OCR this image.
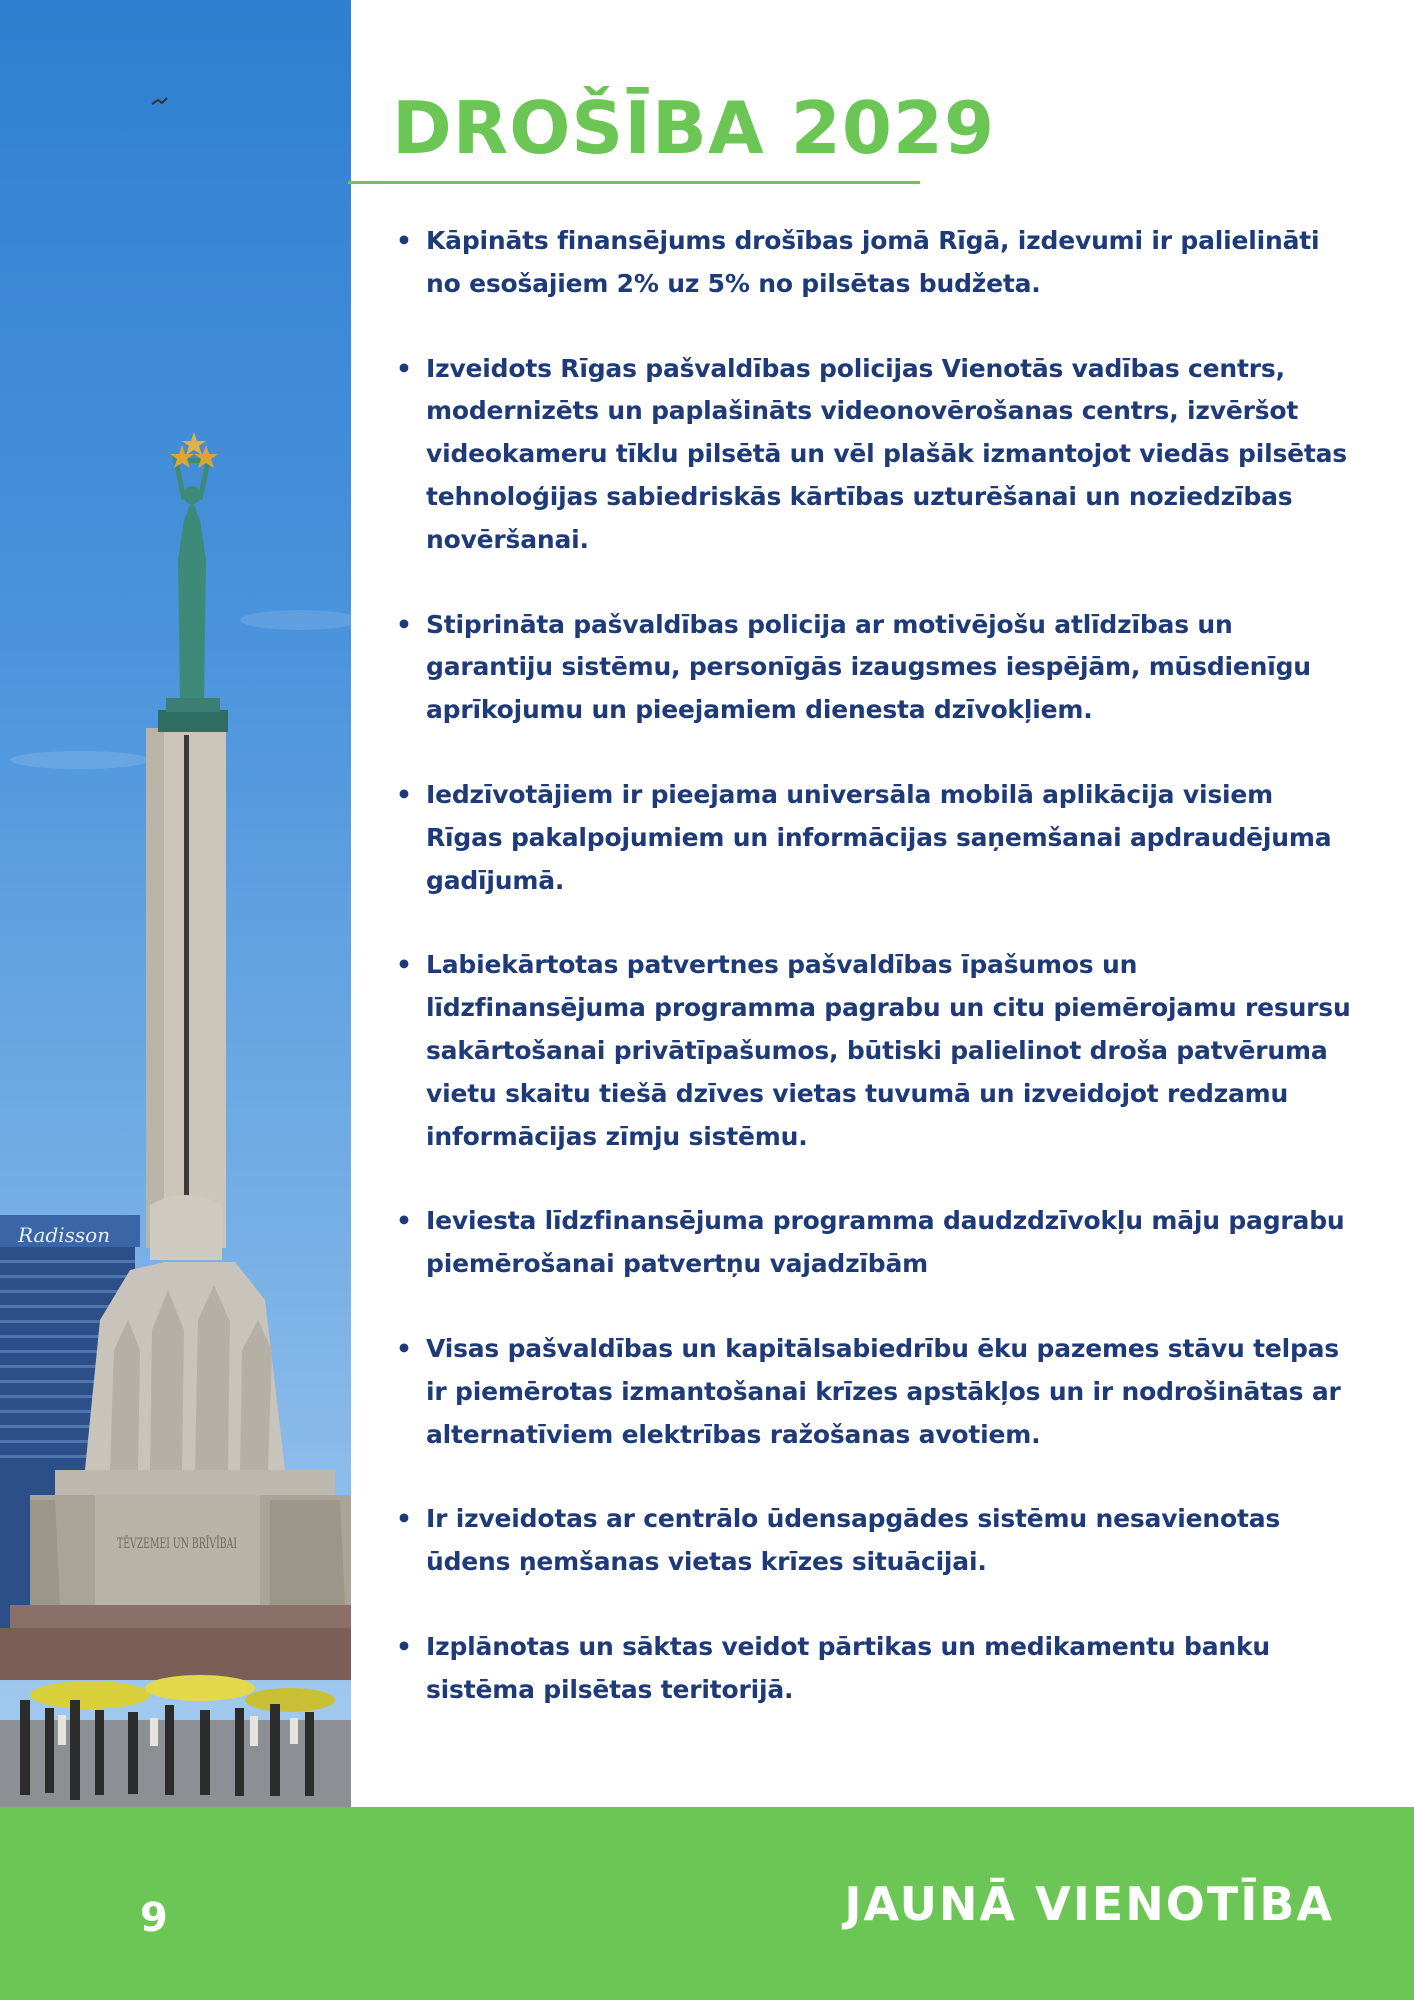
Radisson
TĒVZEMEI UN BRĪVĪBAI
DROŠĪBA 2029
• Kāpināts finansējums drošības jomā Rīgā, izdevumi ir palielināti no esošajiem 2% uz 5% no pilsētas budžeta.
• Izveidots Rīgas pašvaldības policijas Vienotās vadības centrs, modernizēts un paplašināts videonovērošanas centrs, izvēršot videokameru tīklu pilsētā un vēl plašāk izmantojot viedās pilsētas tehnoloģijas sabiedriskās kārtības uzturēšanai un noziedzības novēršanai.
• Stiprināta pašvaldības policija ar motivējošu atlīdzības un garantiju sistēmu, personīgās izaugsmes iespējām, mūsdienīgu aprīkojumu un pieejamiem dienesta dzīvokļiem.
• Iedzīvotājiem ir pieejama universāla mobilā aplikācija visiem Rīgas pakalpojumiem un informācijas saņemšanai apdraudējuma gadījumā.
• Labiekārtotas patvertnes pašvaldības īpašumos un līdzfinansējuma programma pagrabu un citu piemērojamu resursu sakārtošanai privātīpašumos, būtiski palielinot droša patvēruma vietu skaitu tiešā dzīves vietas tuvumā un izveidojot redzamu informācijas zīmju sistēmu.
• Ieviesta līdzfinansējuma programma daudzdzīvokļu māju pagrabu piemērošanai patvertņu vajadzībām
• Visas pašvaldības un kapitālsabiedrību ēku pazemes stāvu telpas ir piemērotas izmantošanai krīzes apstākļos un ir nodrošinātas ar alternatīviem elektrības ražošanas avotiem.
• Ir izveidotas ar centrālo ūdensapgādes sistēmu nesavienotas ūdens ņemšanas vietas krīzes situācijai.
• Izplānotas un sāktas veidot pārtikas un medikamentu banku sistēma pilsētas teritorijā.
9	JAUNĀ VIENOTĪBA
